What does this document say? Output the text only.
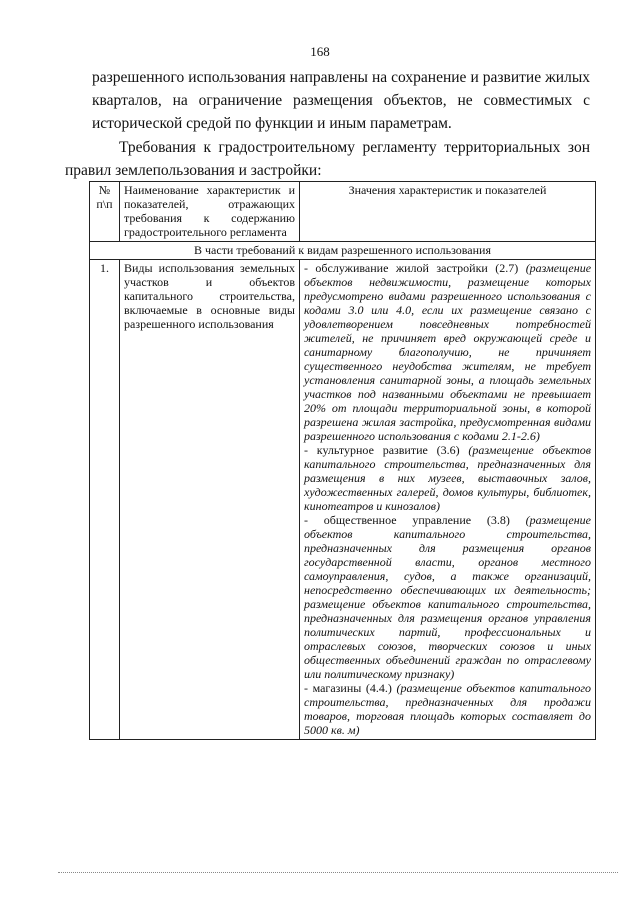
168
разрешенного использования направлены на сохранение и развитие жилых
кварталов, на ограничение размещения объектов, не совместимых с
исторической средой по функции и иным параметрам.
Требования к градостроительному регламенту территориальных зон
правил землепользования и застройки:
№ п\п	Наименование характеристик и показателей, отражающих требования к содержанию градостроительного регламента	Значения характеристик и показателей
В части требований к видам разрешенного использования		
1.	Виды использования земельных участков и объектов капитального строительства, включаемые в основные виды разрешенного использования	- обслуживание жилой застройки (2.7) (размещение объектов недвижимости, размещение которых предусмотрено видами разрешенного использования с кодами 3.0 или 4.0, если их размещение связано с удовлетворением повседневных потребностей жителей, не причиняет вред окружающей среде и санитарному благополучию, не причиняет существенного неудобства жителям, не требует установления санитарной зоны, а площадь земельных участков под названными объектами не превышает 20% от площади территориальной зоны, в которой разрешена жилая застройка, предусмотренная видами разрешенного использования с кодами 2.1-2.6)
- культурное развитие (3.6) (размещение объектов капитального строительства, предназначенных для размещения в них музеев, выставочных залов, художественных галерей, домов культуры, библиотек, кинотеатров и кинозалов)
- общественное управление (3.8) (размещение объектов капитального строительства, предназначенных для размещения органов государственной власти, органов местного самоуправления, судов, а также организаций, непосредственно обеспечивающих их деятельность; размещение объектов капитального строительства, предназначенных для размещения органов управления политических партий, профессиональных и отраслевых союзов, творческих союзов и иных общественных объединений граждан по отраслевому или политическому признаку)
- магазины (4.4.) (размещение объектов капитального строительства, предназначенных для продажи товаров, торговая площадь которых составляет до 5000 кв. м)
